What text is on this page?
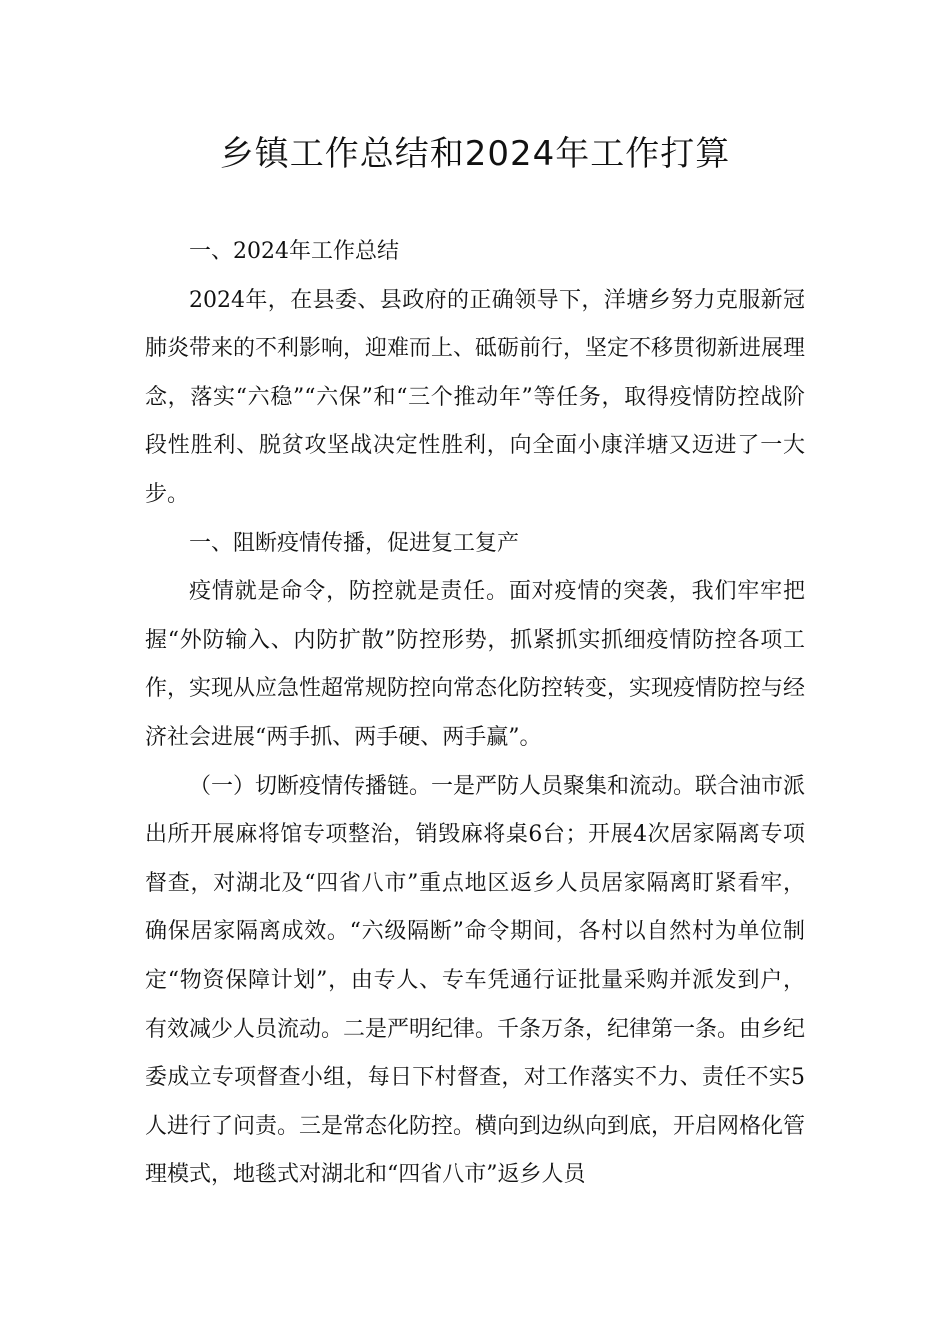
乡镇工作总结和2024年工作打算

一、2024年工作总结

2024年，在县委、县政府的正确领导下，洋塘乡努力克服新冠肺炎带来的不利影响，迎难而上、砥砺前行，坚定不移贯彻新进展理念，落实“六稳”“六保”和“三个推动年”等任务，取得疫情防控战阶段性胜利、脱贫攻坚战决定性胜利，向全面小康洋塘又迈进了一大步。

一、阻断疫情传播，促进复工复产

疫情就是命令，防控就是责任。面对疫情的突袭，我们牢牢把握“外防输入、内防扩散”防控形势，抓紧抓实抓细疫情防控各项工作，实现从应急性超常规防控向常态化防控转变，实现疫情防控与经济社会进展“两手抓、两手硬、两手赢”。

（一）切断疫情传播链。一是严防人员聚集和流动。联合油市派出所开展麻将馆专项整治，销毁麻将桌6台；开展4次居家隔离专项督查，对湖北及“四省八市”重点地区返乡人员居家隔离盯紧看牢，确保居家隔离成效。“六级隔断”命令期间，各村以自然村为单位制定“物资保障计划”，由专人、专车凭通行证批量采购并派发到户，有效减少人员流动。二是严明纪律。千条万条，纪律第一条。由乡纪委成立专项督查小组，每日下村督查，对工作落实不力、责任不实5人进行了问责。三是常态化防控。横向到边纵向到底，开启网格化管理模式，地毯式对湖北和“四省八市”返乡人员
